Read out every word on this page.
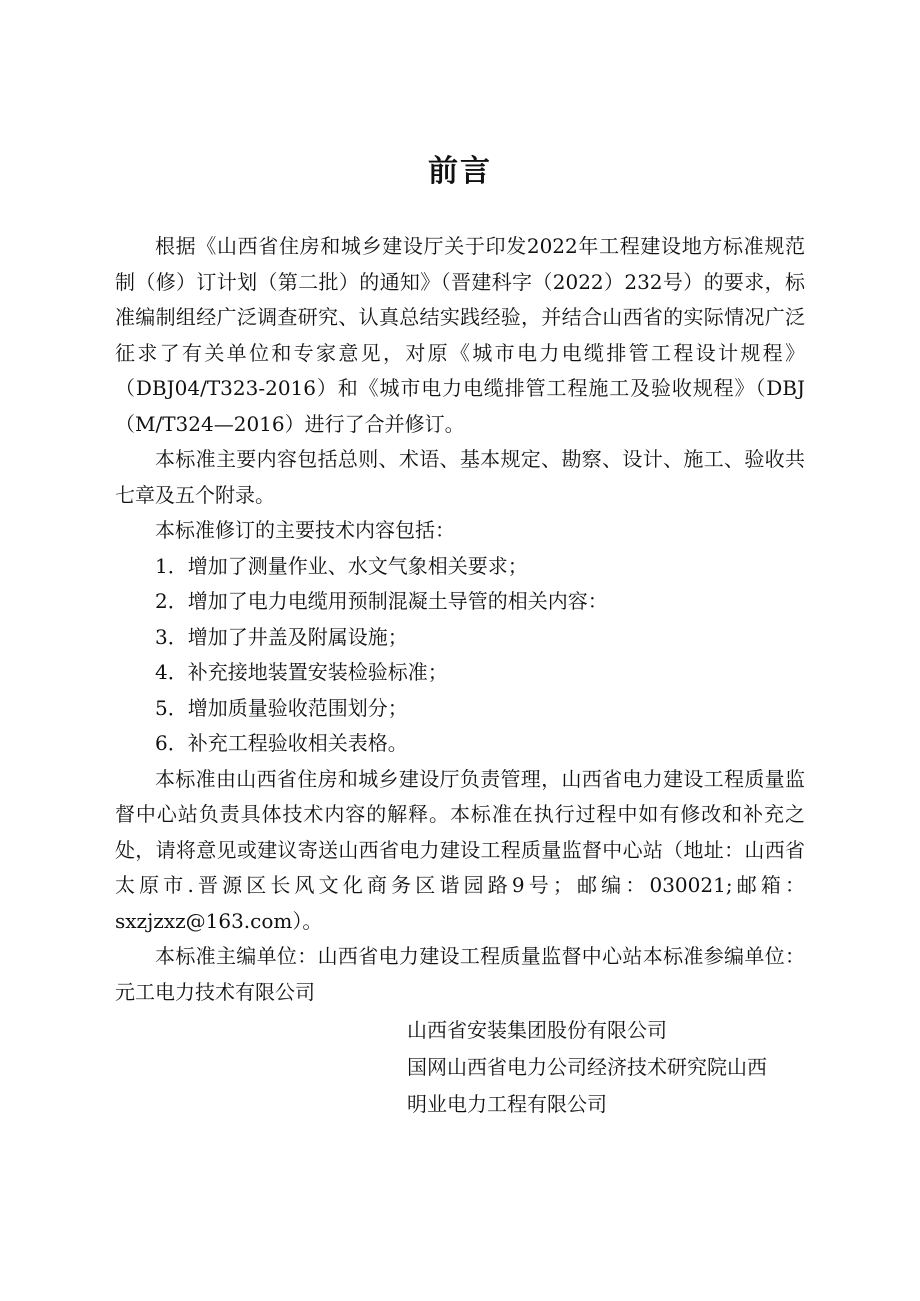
前言

根据《山西省住房和城乡建设厅关于印发2022年工程建设地方标准规范制（修）订计划（第二批）的通知》（晋建科字（2022）232号）的要求，标准编制组经广泛调查研究、认真总结实践经验，并结合山西省的实际情况广泛征求了有关单位和专家意见，对原《城市电力电缆排管工程设计规程》（DBJ04/T323-2016）和《城市电力电缆排管工程施工及验收规程》（DBJ（M/T324—2016）进行了合并修订。

本标准主要内容包括总则、术语、基本规定、勘察、设计、施工、验收共七章及五个附录。

本标准修订的主要技术内容包括：

1．增加了测量作业、水文气象相关要求；
2．增加了电力电缆用预制混凝土导管的相关内容：
3．增加了井盖及附属设施；
4．补充接地装置安装检验标准；
5．增加质量验收范围划分；
6．补充工程验收相关表格。

本标准由山西省住房和城乡建设厅负责管理，山西省电力建设工程质量监督中心站负责具体技术内容的解释。本标准在执行过程中如有修改和补充之处，请将意见或建议寄送山西省电力建设工程质量监督中心站（地址：山西省太原市.晋源区长风文化商务区谐园路9号；邮编：030021;邮箱：sxzjzxz@163.com）。

本标准主编单位：山西省电力建设工程质量监督中心站本标准参编单位：元工电力技术有限公司

山西省安装集团股份有限公司
国网山西省电力公司经济技术研究院山西
明业电力工程有限公司
